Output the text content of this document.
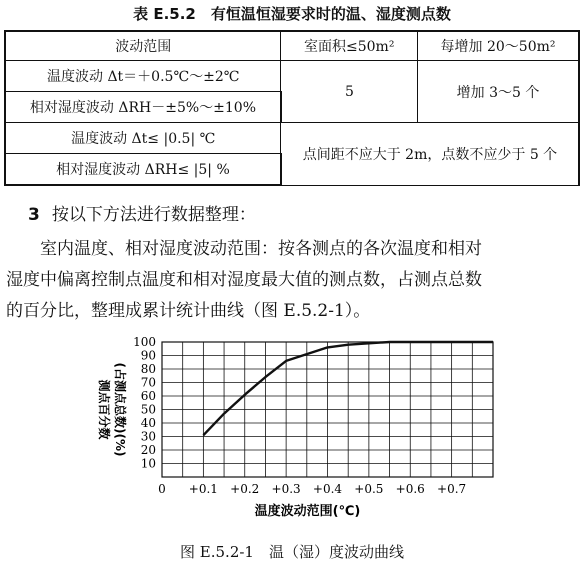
表 E.5.2　有恒温恒湿要求时的温、湿度测点数
波动范围	室面积≤50m²	每增加 20～50m²
温度波动 Δt＝＋0.5℃～±2℃	5	增加 3～5 个
相对湿度波动 ΔRH－±5%～±10%		
温度波动 Δt≤ |0.5| ℃	点间距不应大于 2m，点数不应少于 5 个	
相对湿度波动 ΔRH≤ |5| %		
3 按以下方法进行数据整理：
室内温度、相对湿度波动范围：按各测点的各次温度和相对
湿度中偏离控制点温度和相对湿度最大值的测点数，占测点总数
的百分比，整理成累计统计曲线（图 E.5.2-1）。
100
90
80
70
60
50
40
30
20
10
0 +0.1 +0.2 +0.3 +0.4 +0.5 +0.6 +0.7
测点百分数 (占测点总数)(%)
温度波动范围(℃)
图 E.5.2-1　温（湿）度波动曲线
